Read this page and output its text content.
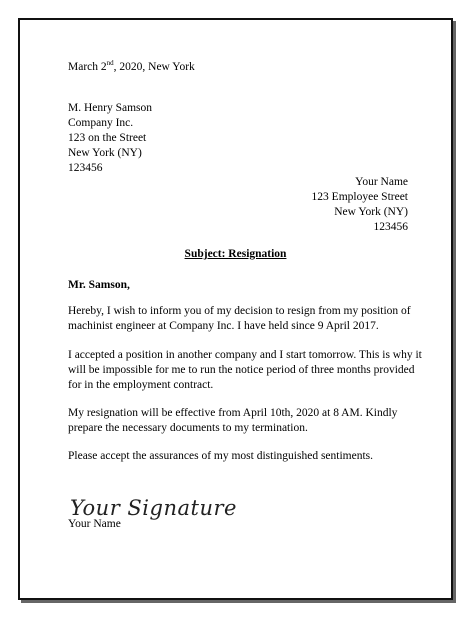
March 2nd, 2020, New York
M. Henry Samson
Company Inc.
123 on the Street
New York (NY)
123456
Your Name
123 Employee Street
New York (NY)
123456
Subject: Resignation
Mr. Samson,
Hereby, I wish to inform you of my decision to resign from my position of
machinist engineer at Company Inc. I have held since 9 April 2017.
I accepted a position in another company and I start tomorrow. This is why it
will be impossible for me to run the notice period of three months provided
for in the employment contract.
My resignation will be effective from April 10th, 2020 at 8 AM. Kindly
prepare the necessary documents to my termination.
Please accept the assurances of my most distinguished sentiments.
Your Signature
Your Name
